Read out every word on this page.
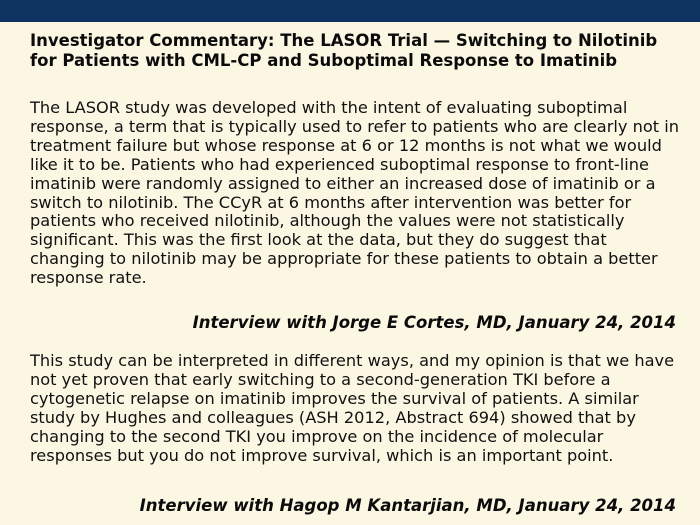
Investigator Commentary: The LASOR Trial — Switching to Nilotinib for Patients with CML-CP and Suboptimal Response to Imatinib
The LASOR study was developed with the intent of evaluating suboptimal response, a term that is typically used to refer to patients who are clearly not in treatment failure but whose response at 6 or 12 months is not what we would like it to be. Patients who had experienced suboptimal response to front-line imatinib were randomly assigned to either an increased dose of imatinib or a switch to nilotinib. The CCyR at 6 months after intervention was better for patients who received nilotinib, although the values were not statistically significant. This was the first look at the data, but they do suggest that changing to nilotinib may be appropriate for these patients to obtain a better response rate.
Interview with Jorge E Cortes, MD, January 24, 2014
This study can be interpreted in different ways, and my opinion is that we have not yet proven that early switching to a second-generation TKI before a cytogenetic relapse on imatinib improves the survival of patients. A similar study by Hughes and colleagues (ASH 2012, Abstract 694) showed that by changing to the second TKI you improve on the incidence of molecular responses but you do not improve survival, which is an important point.
Interview with Hagop M Kantarjian, MD, January 24, 2014
